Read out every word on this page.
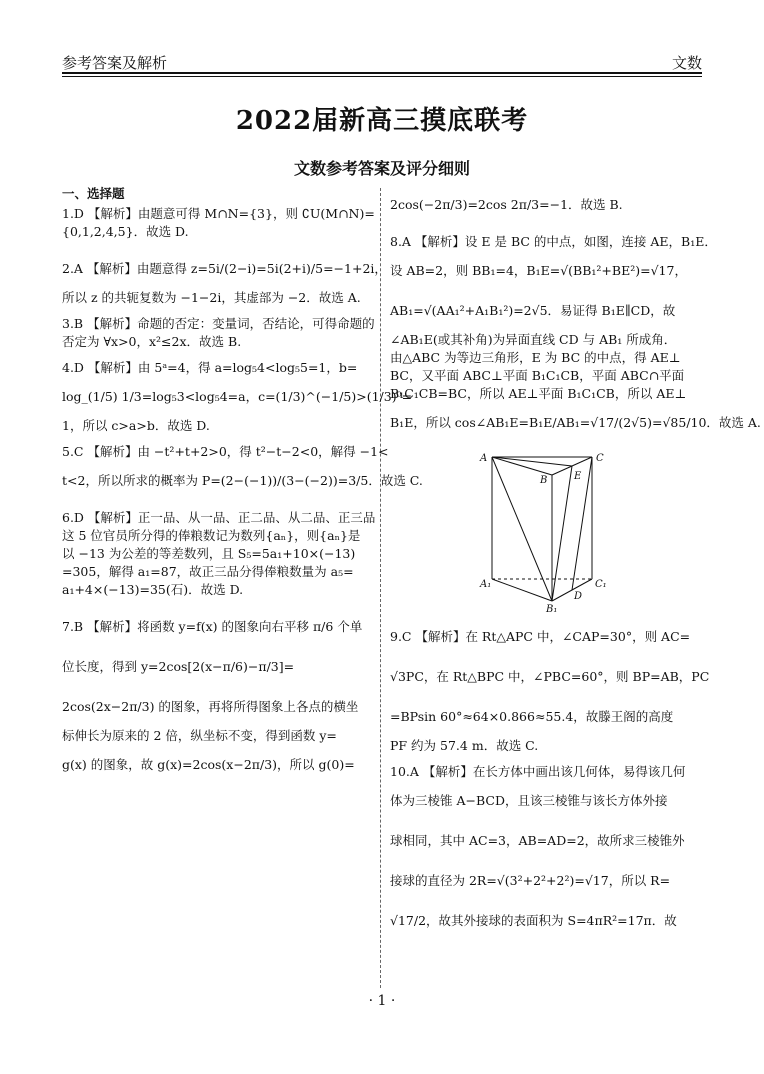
参考答案及解析	文数
2022届新高三摸底联考
文数参考答案及评分细则
一、选择题
1.D 【解析】由题意可得 M∩N={3}，则 ∁U(M∩N)=
{0,1,2,4,5}．故选 D.
2.A 【解析】由题意得 z=5i/(2−i)=5i(2+i)/5=−1+2i，
所以 z 的共轭复数为 −1−2i，其虚部为 −2．故选 A.
3.B 【解析】命题的否定：变量词，否结论，可得命题的
否定为 ∀x>0，x²≤2x．故选 B.
4.D 【解析】由 5ᵃ=4，得 a=log₅4<log₅5=1，b=
log_(1/5) 1/3=log₅3<log₅4=a，c=(1/3)^(−1/5)>(1/3)⁰=
1，所以 c>a>b．故选 D.
5.C 【解析】由 −t²+t+2>0，得 t²−t−2<0，解得 −1<
t<2，所以所求的概率为 P=(2−(−1))/(3−(−2))=3/5．故选 C.
6.D 【解析】正一品、从一品、正二品、从二品、正三品
这 5 位官员所分得的俸粮数记为数列{aₙ}，则{aₙ}是
以 −13 为公差的等差数列，且 S₅=5a₁+10×(−13)
=305，解得 a₁=87，故正三品分得俸粮数量为 a₅=
a₁+4×(−13)=35(石)．故选 D.
7.B 【解析】将函数 y=f(x) 的图象向右平移 π/6 个单
位长度，得到 y=2cos[2(x−π/6)−π/3]=
2cos(2x−2π/3) 的图象，再将所得图象上各点的横坐
标伸长为原来的 2 倍，纵坐标不变，得到函数 y=
g(x) 的图象，故 g(x)=2cos(x−2π/3)，所以 g(0)=
2cos(−2π/3)=2cos 2π/3=−1．故选 B.
8.A 【解析】设 E 是 BC 的中点，如图，连接 AE，B₁E．
设 AB=2，则 BB₁=4，B₁E=√(BB₁²+BE²)=√17，
AB₁=√(AA₁²+A₁B₁²)=2√5．易证得 B₁E∥CD，故
∠AB₁E(或其补角)为异面直线 CD 与 AB₁ 所成角．
由△ABC 为等边三角形，E 为 BC 的中点，得 AE⊥
BC，又平面 ABC⊥平面 B₁C₁CB，平面 ABC∩平面
B₁C₁CB=BC，所以 AE⊥平面 B₁C₁CB，所以 AE⊥
B₁E，所以 cos∠AB₁E=B₁E/AB₁=√17/(2√5)=√85/10．故选 A.
A
B
C
E
A₁	C₁
D
B₁
9.C 【解析】在 Rt△APC 中，∠CAP=30°，则 AC=
√3PC，在 Rt△BPC 中，∠PBC=60°，则 BP=AB，PC
=BPsin 60°≈64×0.866≈55.4，故滕王阁的高度
PF 约为 57.4 m．故选 C.
10.A 【解析】在长方体中画出该几何体，易得该几何
体为三棱锥 A−BCD，且该三棱锥与该长方体外接
球相同，其中 AC=3，AB=AD=2，故所求三棱锥外
接球的直径为 2R=√(3²+2²+2²)=√17，所以 R=
√17/2，故其外接球的表面积为 S=4πR²=17π．故
· 1 ·
